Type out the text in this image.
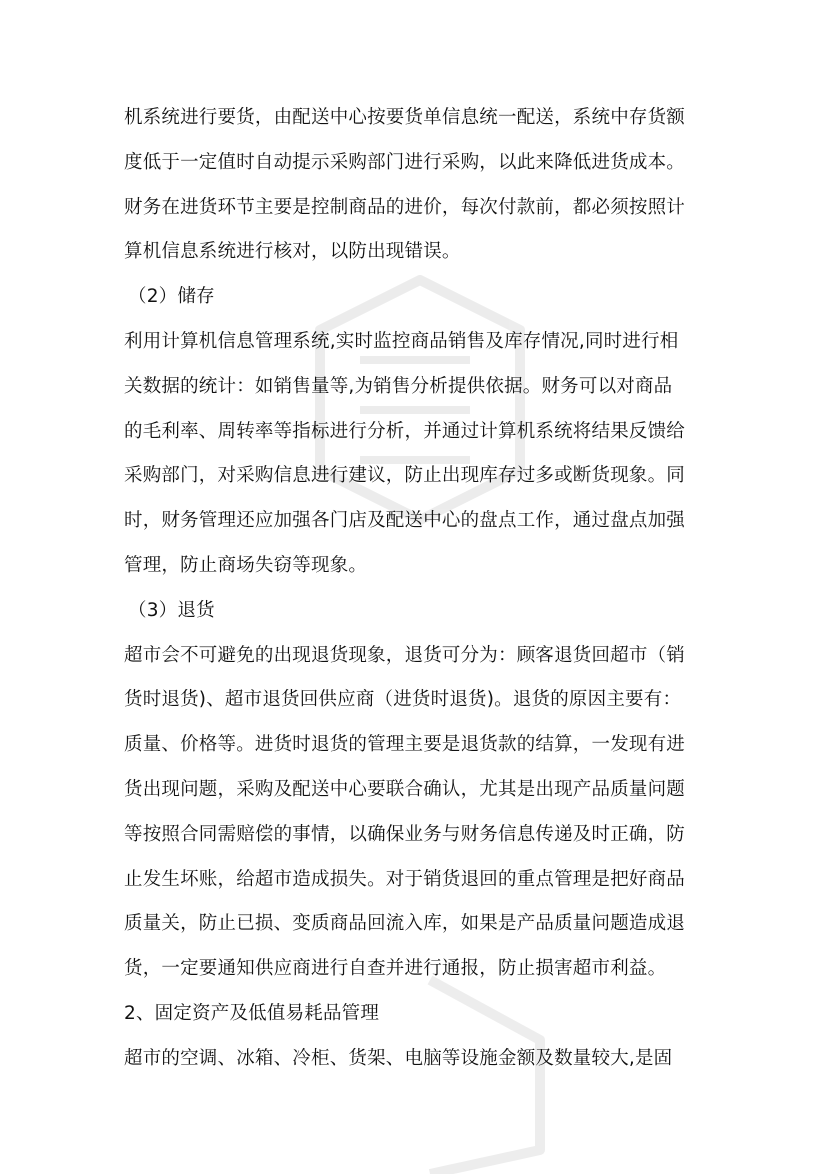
机系统进行要货，由配送中心按要货单信息统一配送，系统中存货额
度低于一定值时自动提示采购部门进行采购，以此来降低进货成本。
财务在进货环节主要是控制商品的进价，每次付款前，都必须按照计
算机信息系统进行核对，以防出现错误。
（2）储存
利用计算机信息管理系统,实时监控商品销售及库存情况,同时进行相
关数据的统计：如销售量等,为销售分析提供依据。财务可以对商品
的毛利率、周转率等指标进行分析，并通过计算机系统将结果反馈给
采购部门，对采购信息进行建议，防止出现库存过多或断货现象。同
时，财务管理还应加强各门店及配送中心的盘点工作，通过盘点加强
管理，防止商场失窃等现象。
（3）退货
超市会不可避免的出现退货现象，退货可分为：顾客退货回超市（销
货时退货)、超市退货回供应商（进货时退货)。退货的原因主要有：
质量、价格等。进货时退货的管理主要是退货款的结算，一发现有进
货出现问题，采购及配送中心要联合确认，尤其是出现产品质量问题
等按照合同需赔偿的事情，以确保业务与财务信息传递及时正确，防
止发生坏账，给超市造成损失。对于销货退回的重点管理是把好商品
质量关，防止已损、变质商品回流入库，如果是产品质量问题造成退
货，一定要通知供应商进行自查并进行通报，防止损害超市利益。
2、固定资产及低值易耗品管理
超市的空调、冰箱、冷柜、货架、电脑等设施金额及数量较大,是固
